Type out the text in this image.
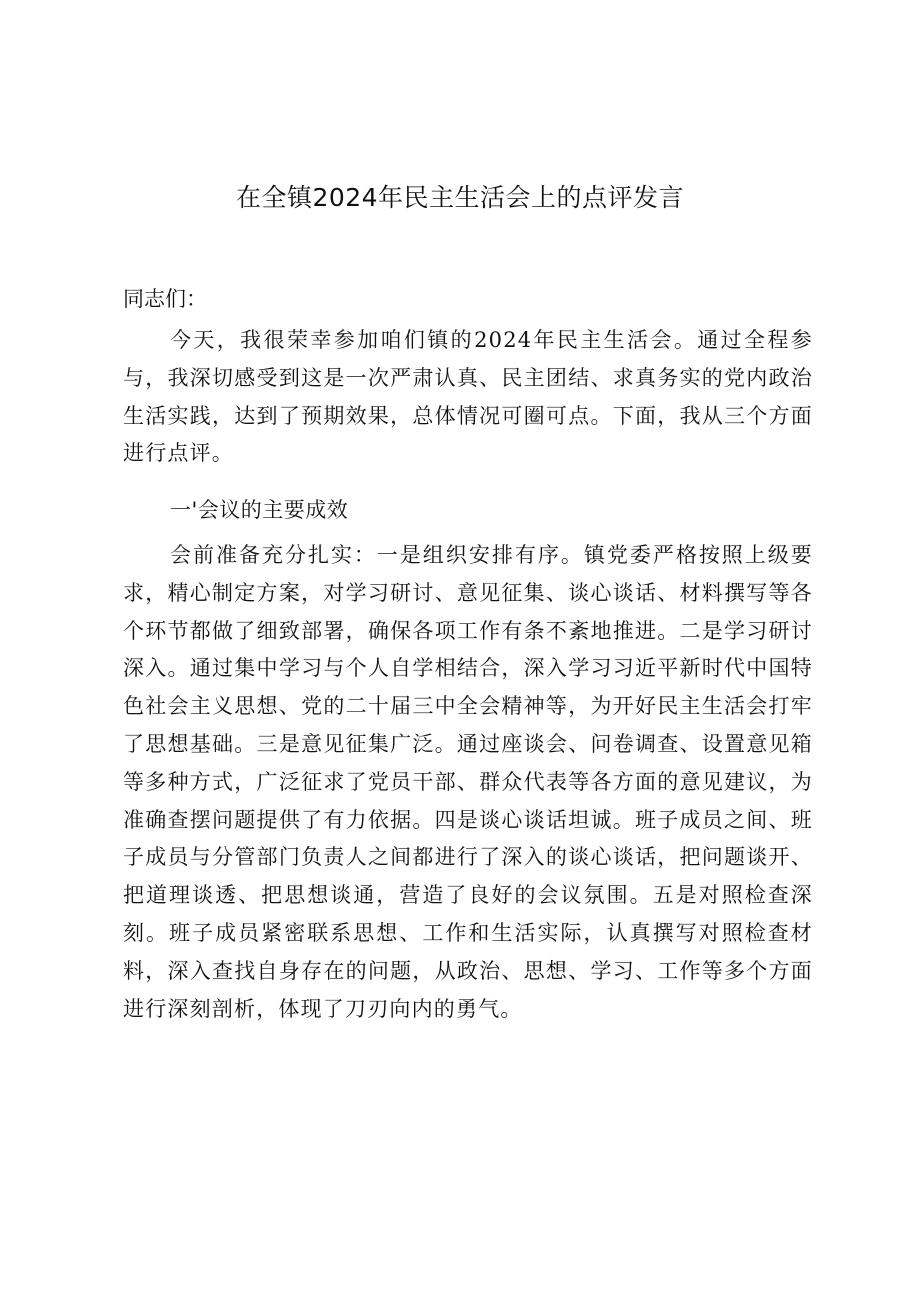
在全镇2024年民主生活会上的点评发言
同志们：

今天，我很荣幸参加咱们镇的2024年民主生活会。通过全程参与，我深切感受到这是一次严肃认真、民主团结、求真务实的党内政治生活实践，达到了预期效果，总体情况可圈可点。下面，我从三个方面进行点评。

一'会议的主要成效

会前准备充分扎实：一是组织安排有序。镇党委严格按照上级要求，精心制定方案，对学习研讨、意见征集、谈心谈话、材料撰写等各个环节都做了细致部署，确保各项工作有条不紊地推进。二是学习研讨深入。通过集中学习与个人自学相结合，深入学习习近平新时代中国特色社会主义思想、党的二十届三中全会精神等，为开好民主生活会打牢了思想基础。三是意见征集广泛。通过座谈会、问卷调查、设置意见箱等多种方式，广泛征求了党员干部、群众代表等各方面的意见建议，为准确查摆问题提供了有力依据。四是谈心谈话坦诚。班子成员之间、班子成员与分管部门负责人之间都进行了深入的谈心谈话，把问题谈开、把道理谈透、把思想谈通，营造了良好的会议氛围。五是对照检查深刻。班子成员紧密联系思想、工作和生活实际，认真撰写对照检查材料，深入查找自身存在的问题，从政治、思想、学习、工作等多个方面进行深刻剖析，体现了刀刃向内的勇气。
